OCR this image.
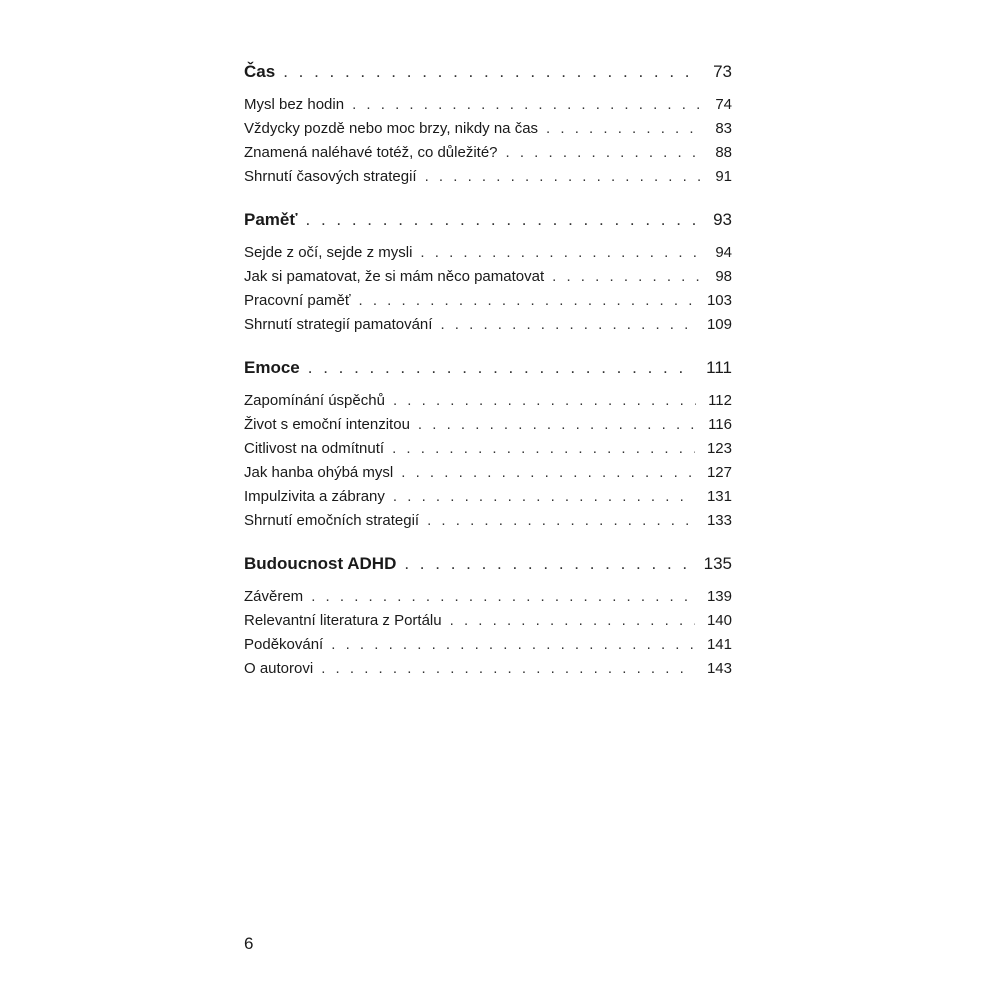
Čas . . .	73
Mysl bez hodin . . .	74
Vždycky pozdě nebo moc brzy, nikdy na čas . . .	83
Znamená naléhavé totéž, co důležité? . . .	88
Shrnutí časových strategií . . .	91
Paměť . . .	93
Sejde z očí, sejde z mysli . . .	94
Jak si pamatovat, že si mám něco pamatovat . . .	98
Pracovní paměť . . .	103
Shrnutí strategií pamatování . . .	109
Emoce . . .	111
Zapomínání úspěchů . . .	112
Život s emoční intenzitou . . .	116
Citlivost na odmítnutí . . .	123
Jak hanba ohýbá mysl . . .	127
Impulzivita a zábrany . . .	131
Shrnutí emočních strategií . . .	133
Budoucnost ADHD . . .	135
Závěrem . . .	139
Relevantní literatura z Portálu . . .	140
Poděkování . . .	141
O autorovi . . .	143
6
